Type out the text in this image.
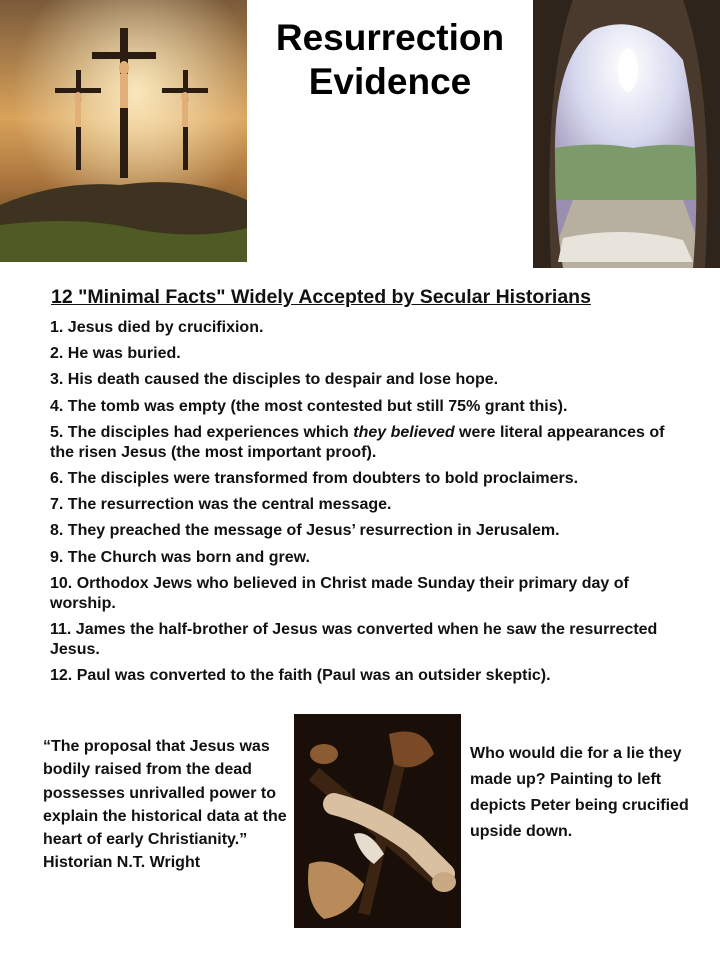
Resurrection
Evidence
12 "Minimal Facts" Widely Accepted by Secular Historians
1. Jesus died by crucifixion.
2. He was buried.
3. His death caused the disciples to despair and lose hope.
4. The tomb was empty (the most contested but still 75% grant this).
5. The disciples had experiences which they believed were literal appearances of the risen Jesus (the most important proof).
6. The disciples were transformed from doubters to bold proclaimers.
7. The resurrection was the central message.
8. They preached the message of Jesus’ resurrection in Jerusalem.
9. The Church was born and grew.
10. Orthodox Jews who believed in Christ made Sunday their primary day of worship.
11. James the half-brother of Jesus was converted when he saw the resurrected Jesus.
12. Paul was converted to the faith (Paul was an outsider skeptic).

“The proposal that Jesus was bodily raised from the dead possesses unrivalled power to explain the historical data at the heart of early Christianity.”
Historian N.T. Wright

Who would die for a lie they made up? Painting to left depicts Peter being crucified upside down.
